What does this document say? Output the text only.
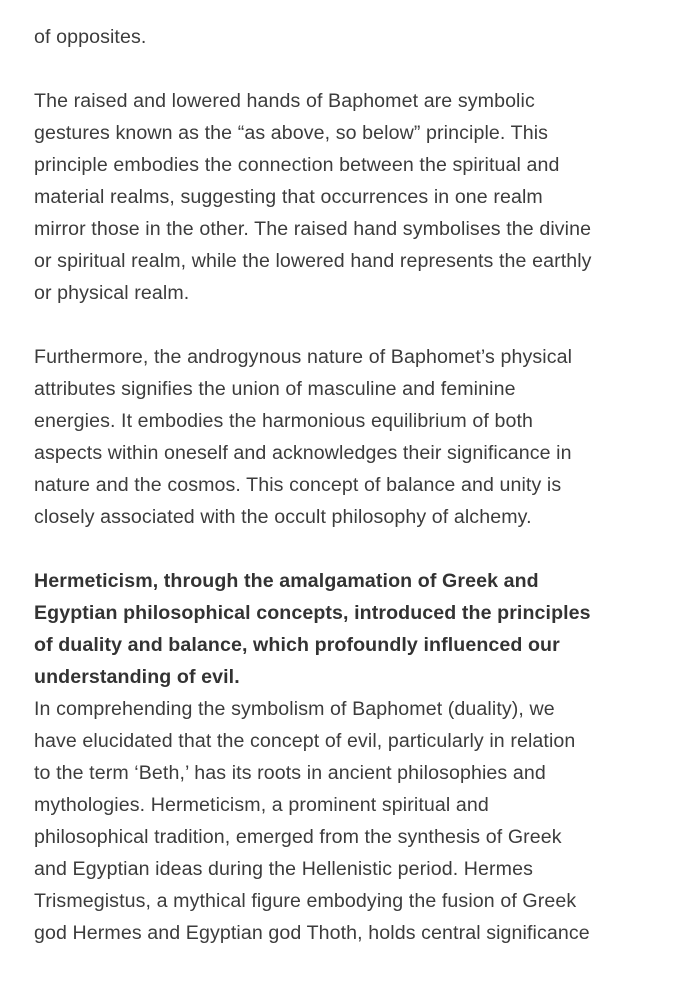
of opposites.

The raised and lowered hands of Baphomet are symbolic
gestures known as the “as above, so below” principle. This
principle embodies the connection between the spiritual and
material realms, suggesting that occurrences in one realm
mirror those in the other. The raised hand symbolises the divine
or spiritual realm, while the lowered hand represents the earthly
or physical realm.

Furthermore, the androgynous nature of Baphomet’s physical
attributes signifies the union of masculine and feminine
energies. It embodies the harmonious equilibrium of both
aspects within oneself and acknowledges their significance in
nature and the cosmos. This concept of balance and unity is
closely associated with the occult philosophy of alchemy.

Hermeticism, through the amalgamation of Greek and
Egyptian philosophical concepts, introduced the principles
of duality and balance, which profoundly influenced our
understanding of evil.

In comprehending the symbolism of Baphomet (duality), we
have elucidated that the concept of evil, particularly in relation
to the term ‘Beth,’ has its roots in ancient philosophies and
mythologies. Hermeticism, a prominent spiritual and
philosophical tradition, emerged from the synthesis of Greek
and Egyptian ideas during the Hellenistic period. Hermes
Trismegistus, a mythical figure embodying the fusion of Greek
god Hermes and Egyptian god Thoth, holds central significance
